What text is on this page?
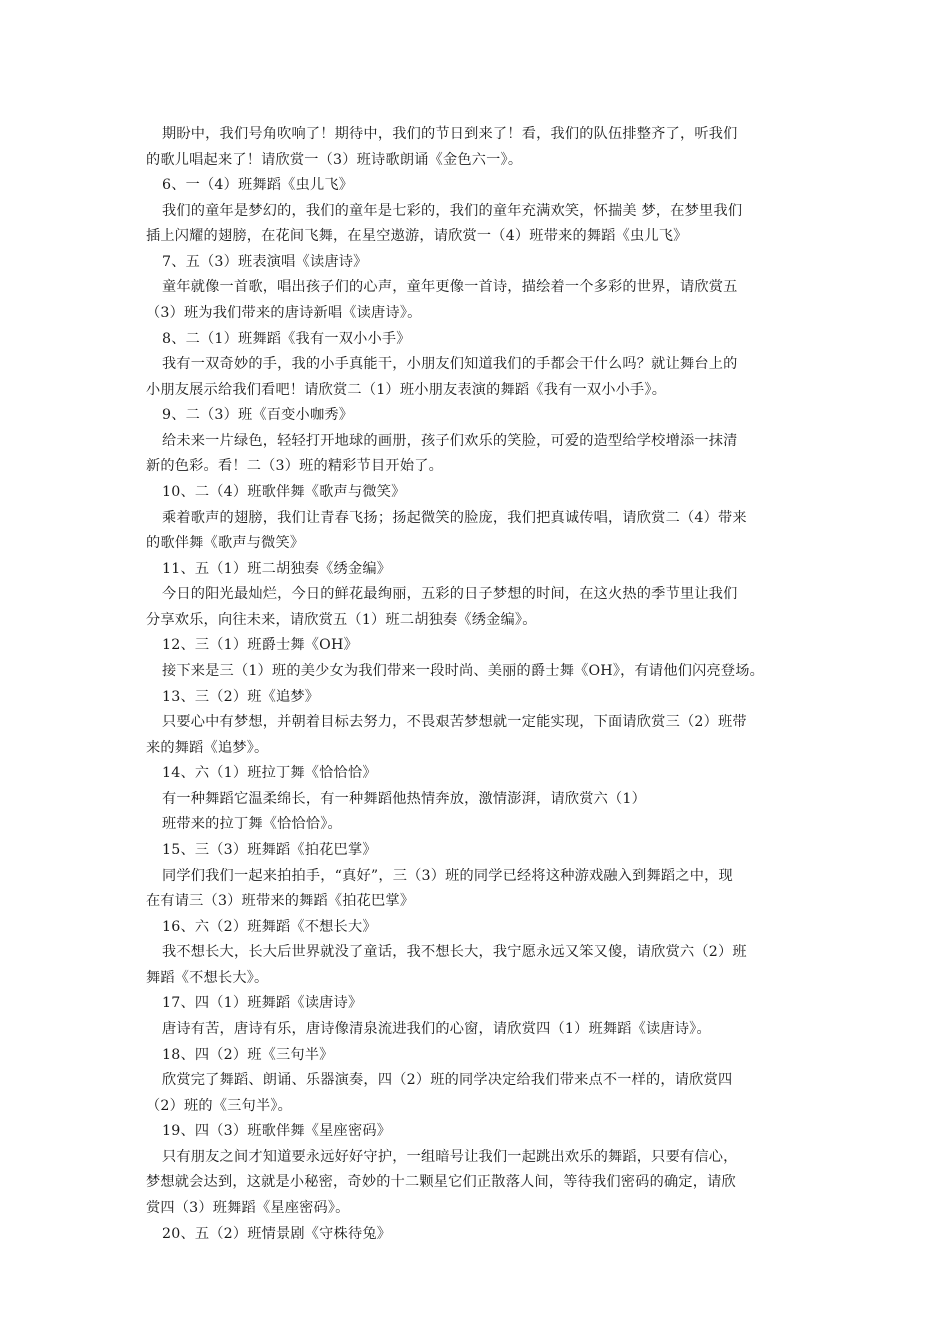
期盼中，我们号角吹响了！期待中，我们的节日到来了！看，我们的队伍排整齐了，听我们
的歌儿唱起来了！请欣赏一（3）班诗歌朗诵《金色六一》。
6、一（4）班舞蹈《虫儿飞》
我们的童年是梦幻的，我们的童年是七彩的，我们的童年充满欢笑，怀揣美 梦，在梦里我们
插上闪耀的翅膀，在花间飞舞，在星空遨游，请欣赏一（4）班带来的舞蹈《虫儿飞》
7、五（3）班表演唱《读唐诗》
童年就像一首歌，唱出孩子们的心声，童年更像一首诗，描绘着一个多彩的世界，请欣赏五
（3）班为我们带来的唐诗新唱《读唐诗》。
8、二（1）班舞蹈《我有一双小小手》
我有一双奇妙的手，我的小手真能干，小朋友们知道我们的手都会干什么吗？就让舞台上的
小朋友展示给我们看吧！请欣赏二（1）班小朋友表演的舞蹈《我有一双小小手》。
9、二（3）班《百变小咖秀》
给未来一片绿色，轻轻打开地球的画册，孩子们欢乐的笑脸，可爱的造型给学校增添一抹清
新的色彩。看！二（3）班的精彩节目开始了。
10、二（4）班歌伴舞《歌声与微笑》
乘着歌声的翅膀，我们让青春飞扬；扬起微笑的脸庞，我们把真诚传唱，请欣赏二（4）带来
的歌伴舞《歌声与微笑》
11、五（1）班二胡独奏《绣金编》
今日的阳光最灿烂，今日的鲜花最绚丽，五彩的日子梦想的时间，在这火热的季节里让我们
分享欢乐，向往未来，请欣赏五（1）班二胡独奏《绣金编》。
12、三（1）班爵士舞《OH》
接下来是三（1）班的美少女为我们带来一段时尚、美丽的爵士舞《OH》，有请他们闪亮登场。
13、三（2）班《追梦》
只要心中有梦想，并朝着目标去努力，不畏艰苦梦想就一定能实现，下面请欣赏三（2）班带
来的舞蹈《追梦》。
14、六（1）班拉丁舞《恰恰恰》
有一种舞蹈它温柔绵长，有一种舞蹈他热情奔放，激情澎湃，请欣赏六（1）
班带来的拉丁舞《恰恰恰》。
15、三（3）班舞蹈《拍花巴掌》
同学们我们一起来拍拍手，“真好”，三（3）班的同学已经将这种游戏融入到舞蹈之中，现
在有请三（3）班带来的舞蹈《拍花巴掌》
16、六（2）班舞蹈《不想长大》
我不想长大，长大后世界就没了童话，我不想长大，我宁愿永远又笨又傻，请欣赏六（2）班
舞蹈《不想长大》。
17、四（1）班舞蹈《读唐诗》
唐诗有苦，唐诗有乐，唐诗像清泉流进我们的心窗，请欣赏四（1）班舞蹈《读唐诗》。
18、四（2）班《三句半》
欣赏完了舞蹈、朗诵、乐器演奏，四（2）班的同学决定给我们带来点不一样的，请欣赏四
（2）班的《三句半》。
19、四（3）班歌伴舞《星座密码》
只有朋友之间才知道要永远好好守护，一组暗号让我们一起跳出欢乐的舞蹈，只要有信心，
梦想就会达到，这就是小秘密，奇妙的十二颗星它们正散落人间，等待我们密码的确定，请欣
赏四（3）班舞蹈《星座密码》。
20、五（2）班情景剧《守株待兔》
